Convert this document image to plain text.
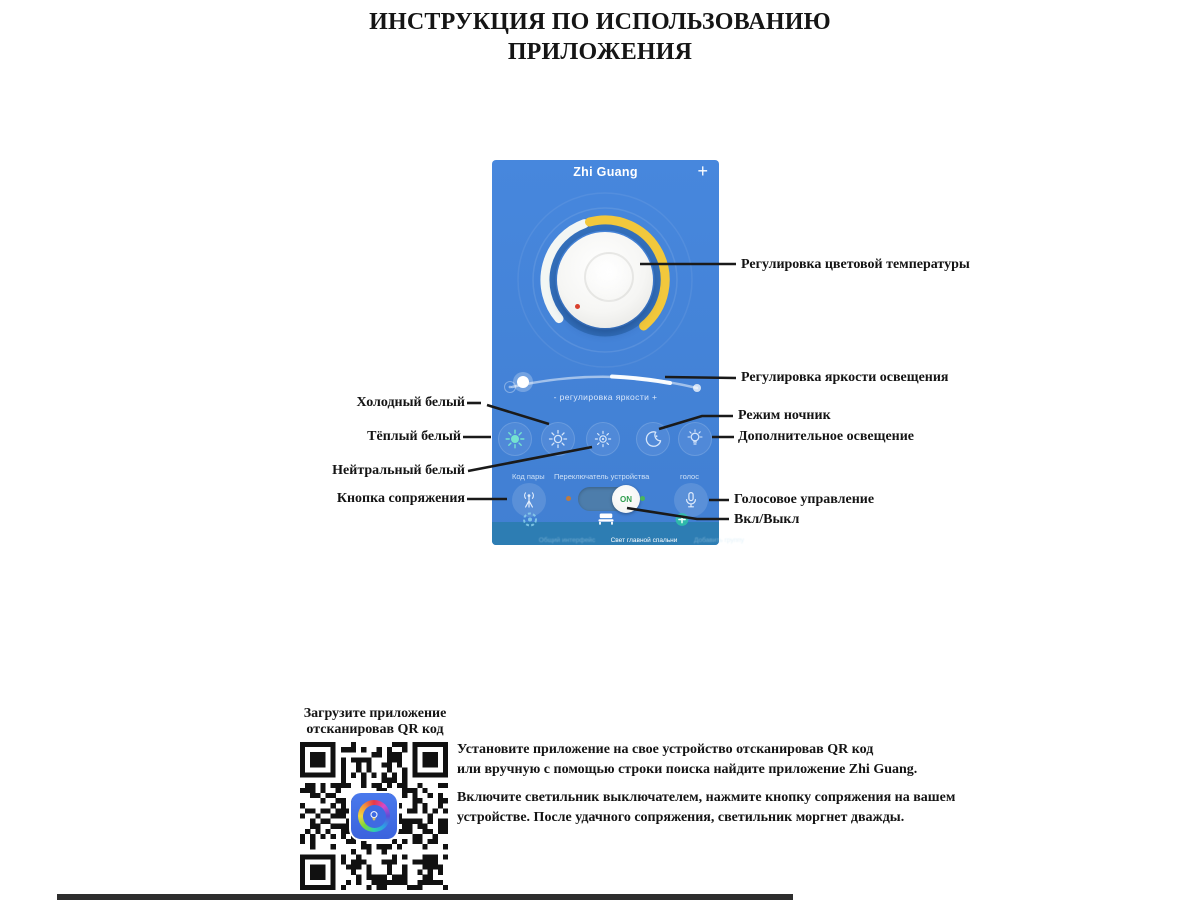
ИНСТРУКЦИЯ ПО ИСПОЛЬЗОВАНИЮ
ПРИЛОЖЕНИЯ
Zhi Guang	+
- регулировка яркости +
Код пары Переключатель устройства	голос
ON
Общий интерфейс	Свет главной спальни	Добавить группу
Регулировка цветовой температуры
Регулировка яркости освещения
Холодный белый
Режим ночник
Тёплый белый	Дополнительное освещение
Нейтральный белый
Кнопка сопряжения	Голосовое управление
Вкл/Выкл
Загрузите приложение
отсканировав QR код
Установите приложение на свое устройство отсканировав QR код
или вручную с помощью строки поиска найдите приложение Zhi Guang.
Включите светильник выключателем, нажмите кнопку сопряжения на вашем
устройстве. После удачного сопряжения, светильник моргнет дважды.
